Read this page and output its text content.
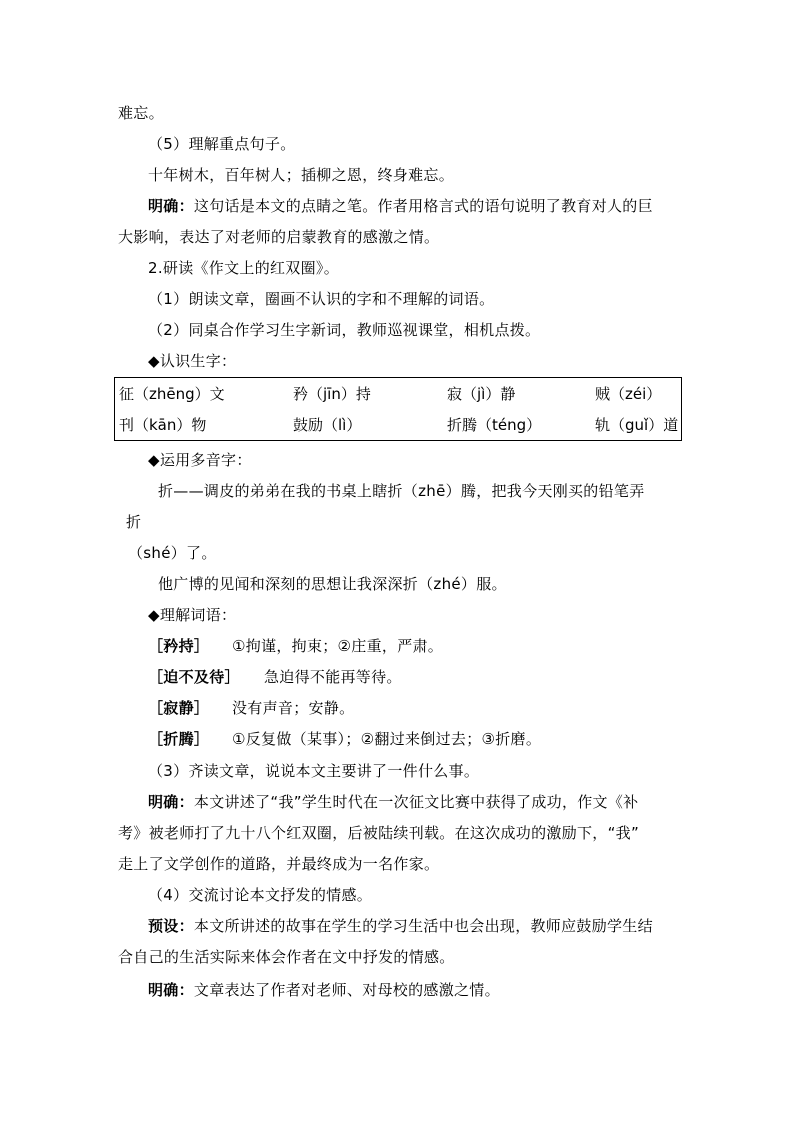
难忘。
（5）理解重点句子。
十年树木，百年树人；插柳之恩，终身难忘。
明确：这句话是本文的点睛之笔。作者用格言式的语句说明了教育对人的巨
大影响，表达了对老师的启蒙教育的感激之情。
2.研读《作文上的红双圈》。
（1）朗读文章，圈画不认识的字和不理解的词语。
（2）同桌合作学习生字新词，教师巡视课堂，相机点拨。
◆认识生字：
征（zhēng）文	矜（jīn）持	寂（jì）静	贼（zéi）
刊（kān）物	鼓励（lì）	折腾（téng）	轨（guǐ）道
◆运用多音字：
折——调皮的弟弟在我的书桌上瞎折（zhē）腾，把我今天刚买的铅笔弄
折
（shé）了。
他广博的见闻和深刻的思想让我深深折（zhé）服。
◆理解词语：
［矜持］ ①拘谨，拘束；②庄重，严肃。
［迫不及待］ 急迫得不能再等待。
［寂静］ 没有声音；安静。
［折腾］ ①反复做（某事）；②翻过来倒过去；③折磨。
（3）齐读文章，说说本文主要讲了一件什么事。
明确：本文讲述了“我”学生时代在一次征文比赛中获得了成功，作文《补
考》被老师打了九十八个红双圈，后被陆续刊载。在这次成功的激励下，“我”
走上了文学创作的道路，并最终成为一名作家。
（4）交流讨论本文抒发的情感。
预设：本文所讲述的故事在学生的学习生活中也会出现，教师应鼓励学生结
合自己的生活实际来体会作者在文中抒发的情感。
明确：文章表达了作者对老师、对母校的感激之情。
